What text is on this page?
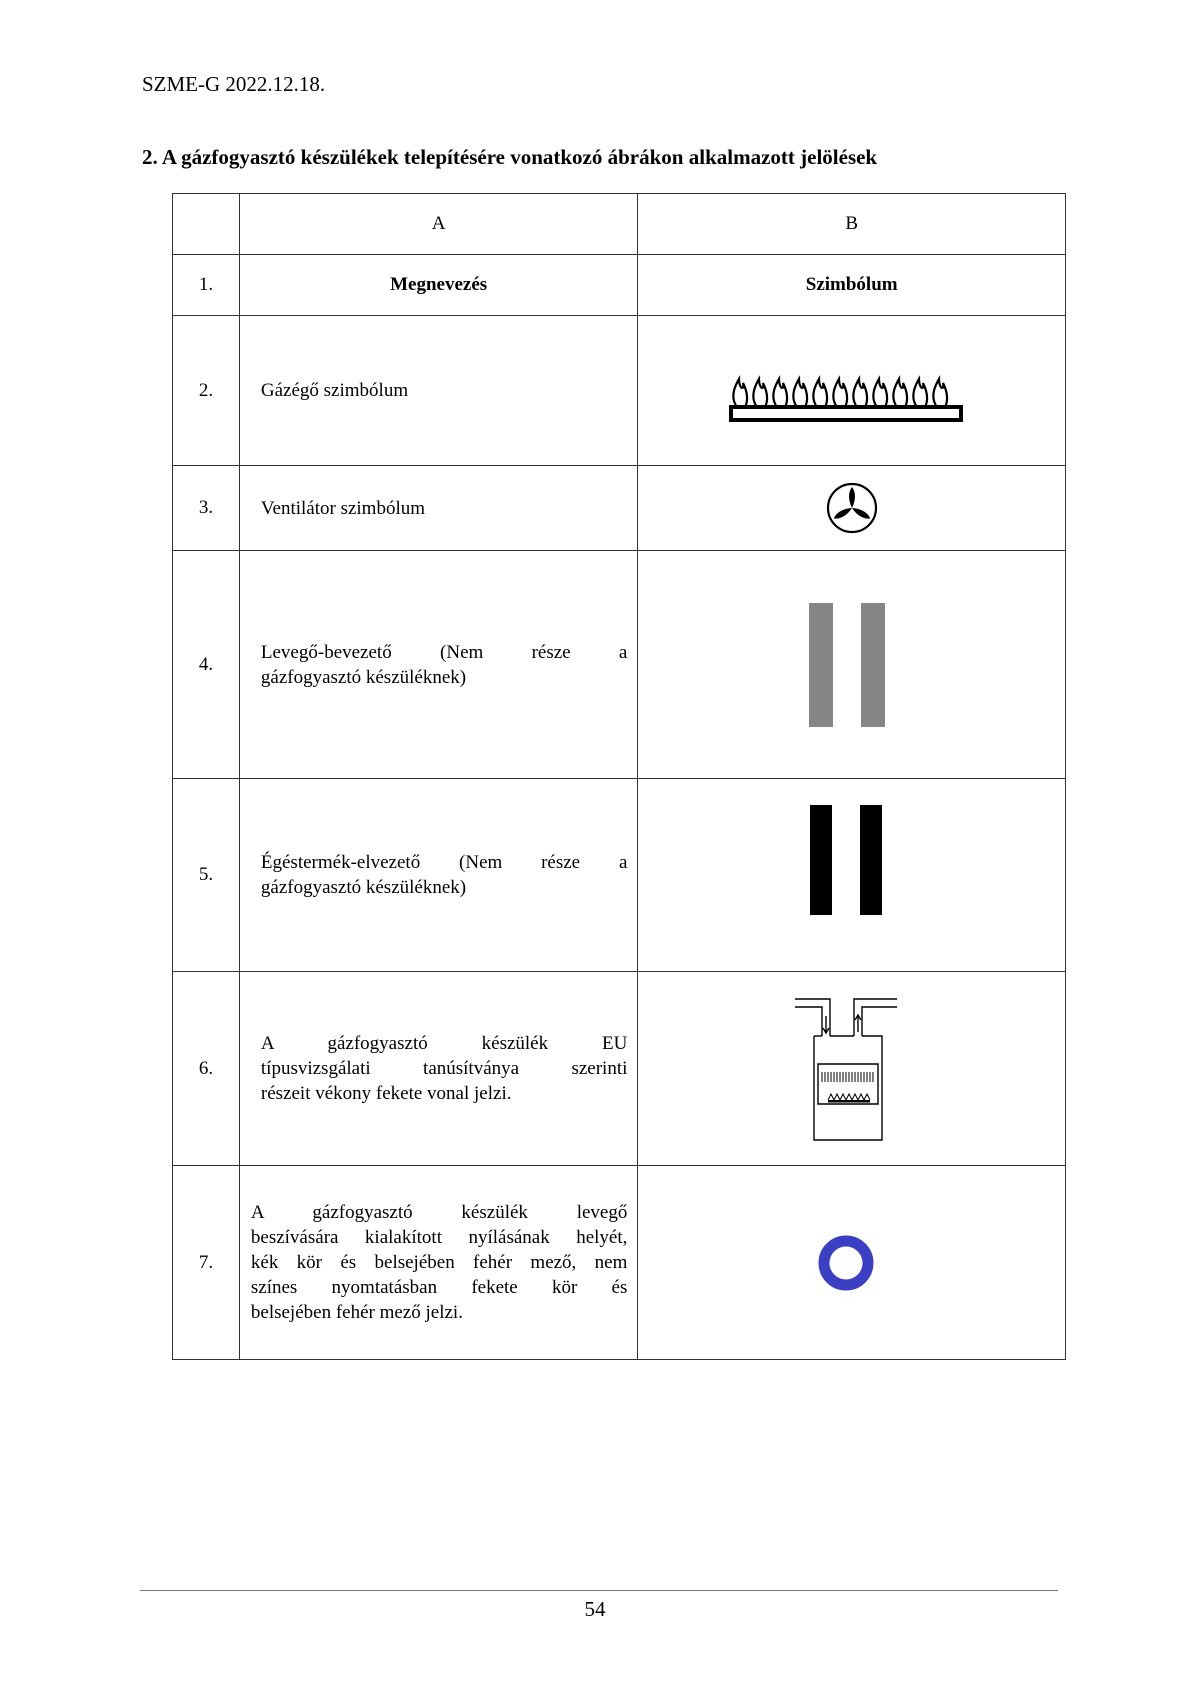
SZME-G 2022.12.18.
2. A gázfogyasztó készülékek telepítésére vonatkozó ábrákon alkalmazott jelölések
	A	B
1.	Megnevezés	Szimbólum
2.	Gázégő szimbólum

3.	Ventilátor szimbólum

4.	Levegő-bevezető (Nem része a
gázfogyasztó készüléknek)

5.	Égéstermék-elvezető (Nem része a
gázfogyasztó készüléknek)

6.	A gázfogyasztó készülék EU
típusvizsgálati tanúsítványa szerinti
részeit vékony fekete vonal jelzi.

7.	A gázfogyasztó készülék levegő
beszívására kialakított nyílásának helyét,
kék kör és belsejében fehér mező, nem
színes nyomtatásban fekete kör és
belsejében fehér mező jelzi.

54
